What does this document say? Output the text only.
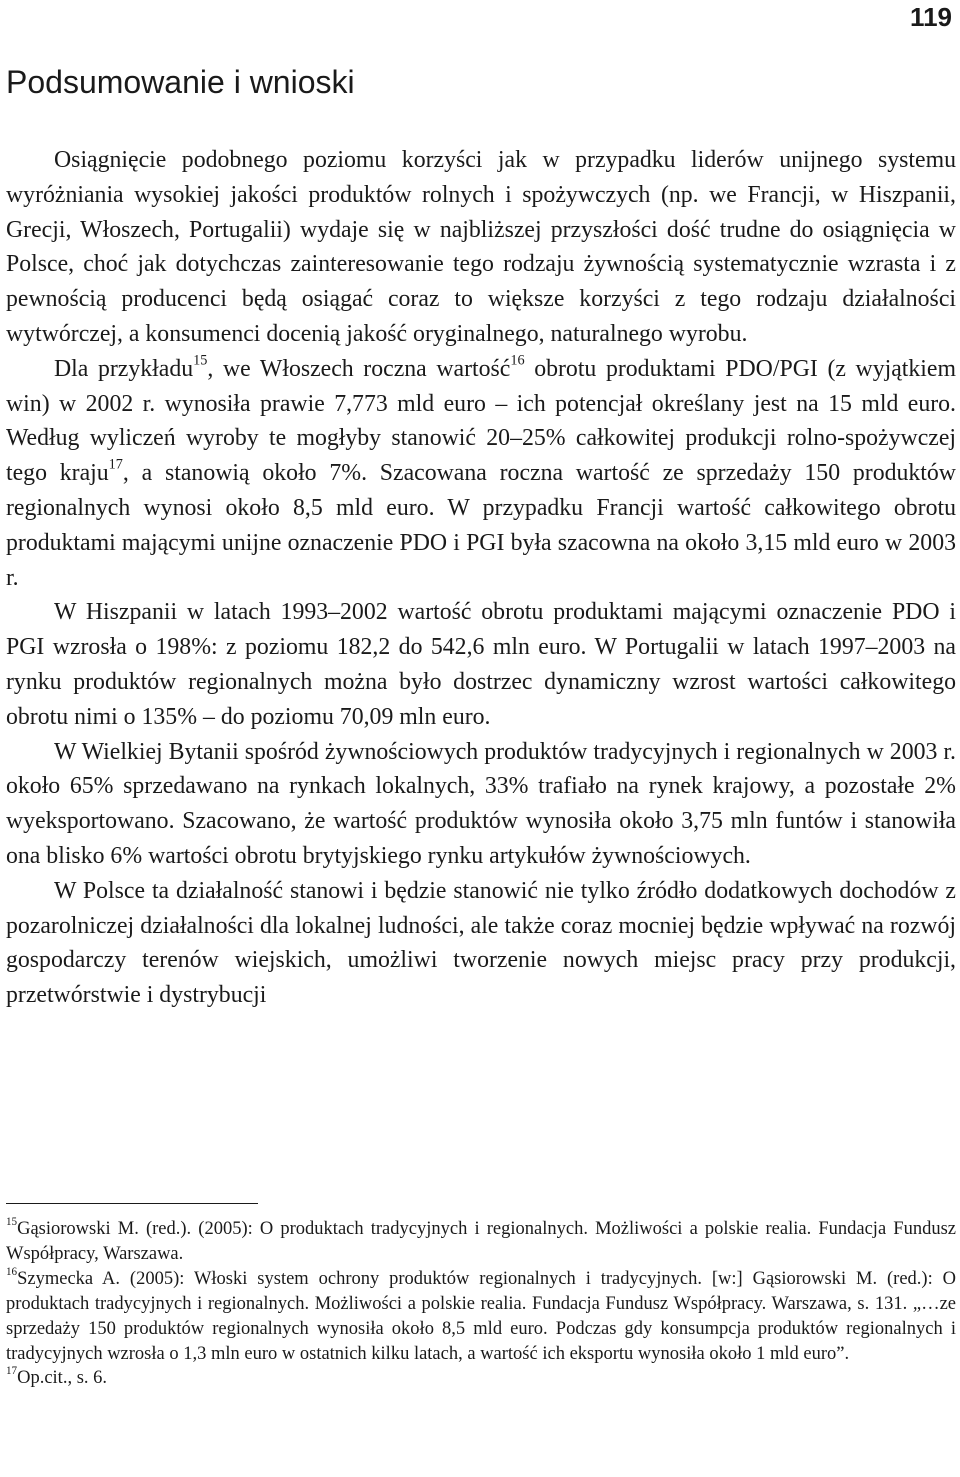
119
Podsumowanie i wnioski

Osiągnięcie podobnego poziomu korzyści jak w przypadku liderów unijnego systemu wyróżniania wysokiej jakości produktów rolnych i spożywczych (np. we Francji, w Hiszpanii, Grecji, Włoszech, Portugalii) wydaje się w najbliższej przyszłości dość trudne do osiągnięcia w Polsce, choć jak dotychczas zainteresowanie tego rodzaju żywnością systematycznie wzrasta i z pewnością producenci będą osiągać coraz to większe korzyści z tego rodzaju działalności wytwórczej, a konsumenci docenią jakość oryginalnego, naturalnego wyrobu.

Dla przykładu$^{15}$, we Włoszech roczna wartość$^{16}$ obrotu produktami PDO/PGI (z wyjątkiem win) w 2002 r. wynosiła prawie 7,773 mld euro – ich potencjał określany jest na 15 mld euro. Według wyliczeń wyroby te mogłyby stanowić 20–25% całkowitej produkcji rolno-spożywczej tego kraju$^{17}$, a stanowią około 7%. Szacowana roczna wartość ze sprzedaży 150 produktów regionalnych wynosi około 8,5 mld euro. W przypadku Francji wartość całkowitego obrotu produktami mającymi unijne oznaczenie PDO i PGI była szacowna na około 3,15 mld euro w 2003 r.

W Hiszpanii w latach 1993–2002 wartość obrotu produktami mającymi oznaczenie PDO i PGI wzrosła o 198%: z poziomu 182,2 do 542,6 mln euro. W Portugalii w latach 1997–2003 na rynku produktów regionalnych można było dostrzec dynamiczny wzrost wartości całkowitego obrotu nimi o 135% – do poziomu 70,09 mln euro.

W Wielkiej Bytanii spośród żywnościowych produktów tradycyjnych i regionalnych w 2003 r. około 65% sprzedawano na rynkach lokalnych, 33% trafiało na rynek krajowy, a pozostałe 2% wyeksportowano. Szacowano, że wartość produktów wynosiła około 3,75 mln funtów i stanowiła ona blisko 6% wartości obrotu brytyjskiego rynku artykułów żywnościowych.

W Polsce ta działalność stanowi i będzie stanowić nie tylko źródło dodatkowych dochodów z pozarolniczej działalności dla lokalnej ludności, ale także coraz mocniej będzie wpływać na rozwój gospodarczy terenów wiejskich, umożliwi tworzenie nowych miejsc pracy przy produkcji, przetwórstwie i dystrybucji

$^{15}$Gąsiorowski M. (red.). (2005): O produktach tradycyjnych i regionalnych. Możliwości a polskie realia. Fundacja Fundusz Współpracy, Warszawa.

$^{16}$Szymecka A. (2005): Włoski system ochrony produktów regionalnych i tradycyjnych. [w:] Gąsiorowski M. (red.): O produktach tradycyjnych i regionalnych. Możliwości a polskie realia. Fundacja Fundusz Współpracy. Warszawa, s. 131. „…ze sprzedaży 150 produktów regionalnych wynosiła około 8,5 mld euro. Podczas gdy konsumpcja produktów regionalnych i tradycyjnych wzrosła o 1,3 mln euro w ostatnich kilku latach, a wartość ich eksportu wynosiła około 1 mld euro”.

$^{17}$Op.cit., s. 6.
